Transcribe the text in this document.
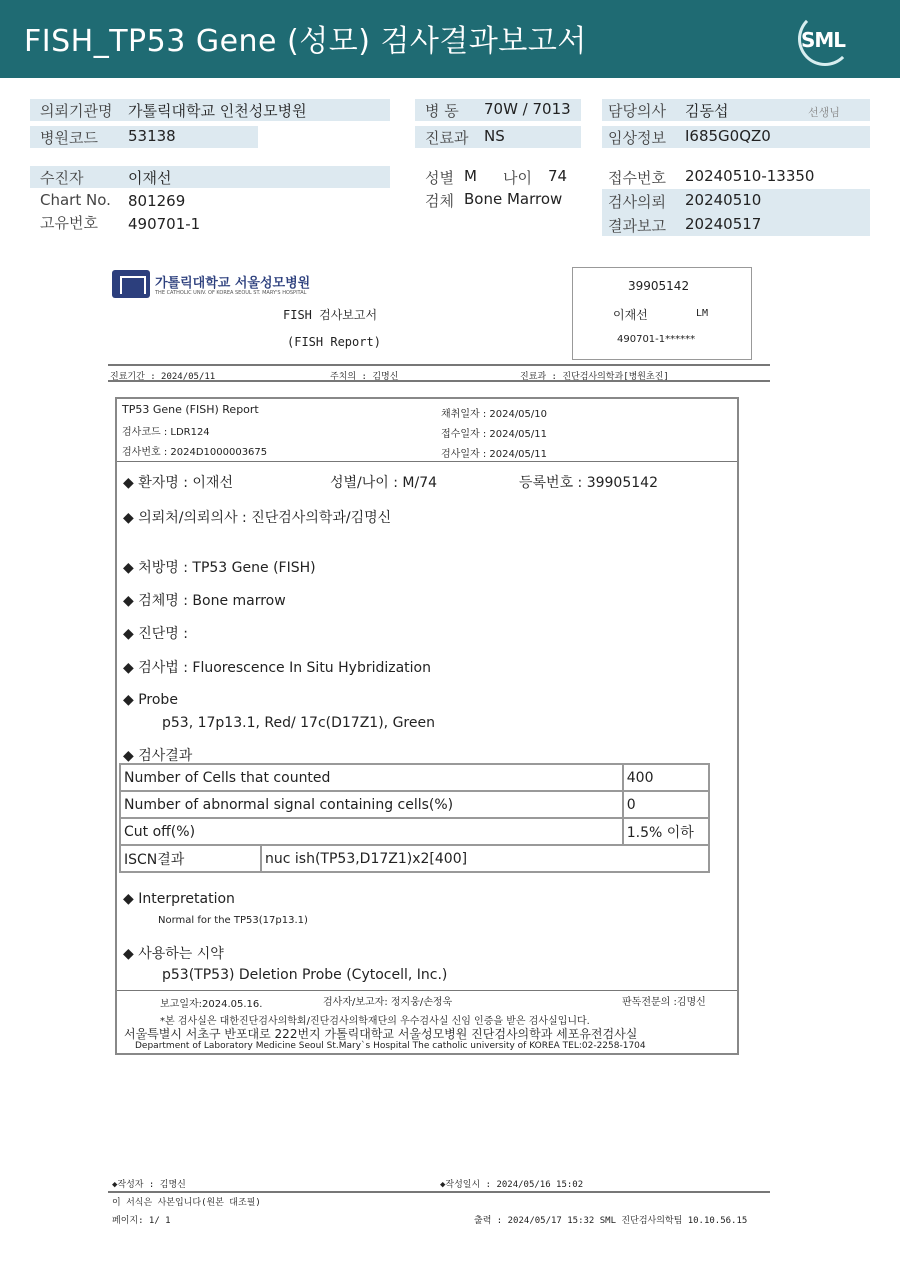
FISH_TP53 Gene (성모) 검사결과보고서	SML
의뢰기관명 가톨릭대학교 인천성모병원
병원코드 53138
병 동 70W / 7013
진료과 NS
담당의사 김동섭	선생님
임상정보 I685G0QZ0
수진자	이재선
Chart No. 801269
고유번호 490701-1
성별 M 나이 74
검체 Bone Marrow
접수번호 20240510-13350
검사의뢰 20240510
결과보고 20240517
가톨릭대학교 서울성모병원
THE CATHOLIC UNIV. OF KOREA SEOUL ST. MARY'S HOSPITAL
FISH 검사보고서
(FISH Report)
39905142
이재선	LM
490701-1******
진료기간 : 2024/05/11	주치의 : 김명신	진료과 : 진단검사의학과[병원초진]
TP53 Gene (FISH) Report
검사코드 : LDR124
검사번호 : 2024D1000003675
채취일자 : 2024/05/10
접수일자 : 2024/05/11
검사일자 : 2024/05/11
◆ 환자명 : 이재선	성별/나이 : M/74	등록번호 : 39905142
◆ 의뢰처/의뢰의사 : 진단검사의학과/김명신
◆ 처방명 : TP53 Gene (FISH)
◆ 검체명 : Bone marrow
◆ 진단명 :
◆ 검사법 : Fluorescence In Situ Hybridization
◆ Probe
p53, 17p13.1, Red/ 17c(D17Z1), Green
◆ 검사결과
Number of Cells that counted		400
Number of abnormal signal containing cells(%)		0
Cut off(%)		1.5% 이하
ISCN결과	nuc ish(TP53,D17Z1)x2[400]	
◆ Interpretation
Normal for the TP53(17p13.1)
◆ 사용하는 시약
p53(TP53) Deletion Probe (Cytocell, Inc.)
보고일자:2024.05.16.	검사자/보고자: 정지웅/손정욱	판독전문의 :김명신
*본 검사실은 대한진단검사의학회/진단검사의학재단의 우수검사실 신임 인증을 받은 검사실입니다.
서울특별시 서초구 반포대로 222번지 가톨릭대학교 서울성모병원 진단검사의학과 세포유전검사실
Department of Laboratory Medicine Seoul St.Mary`s Hospital The catholic university of KOREA TEL:02-2258-1704
◆작성자 : 김명신	◆작성일시 : 2024/05/16 15:02
이 서식은 사본입니다(원본 대조필)
페이지: 1/ 1	출력 : 2024/05/17 15:32 SML 진단검사의학팀 10.10.56.15
